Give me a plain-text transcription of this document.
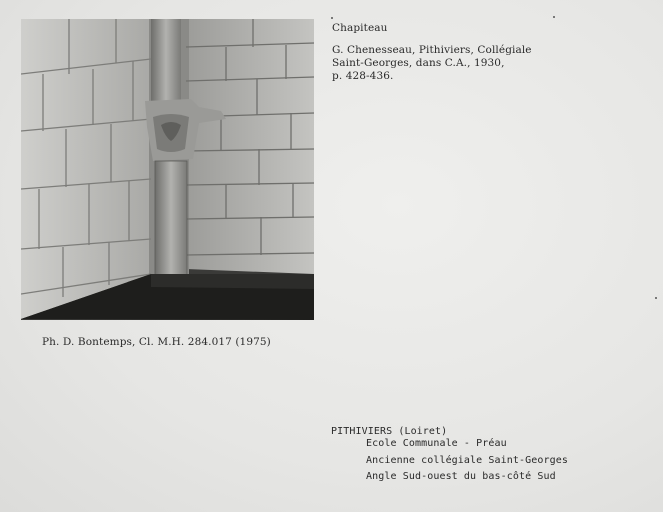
Chapiteau
G. Chenesseau, Pithiviers, Collégiale
Saint-Georges, dans C.A., 1930,
p. 428-436.
Ph. D. Bontemps, Cl. M.H. 284.017 (1975)
PITHIVIERS (Loiret)
Ecole Communale - Préau
Ancienne collégiale Saint-Georges
Angle Sud-ouest du bas-côté Sud
